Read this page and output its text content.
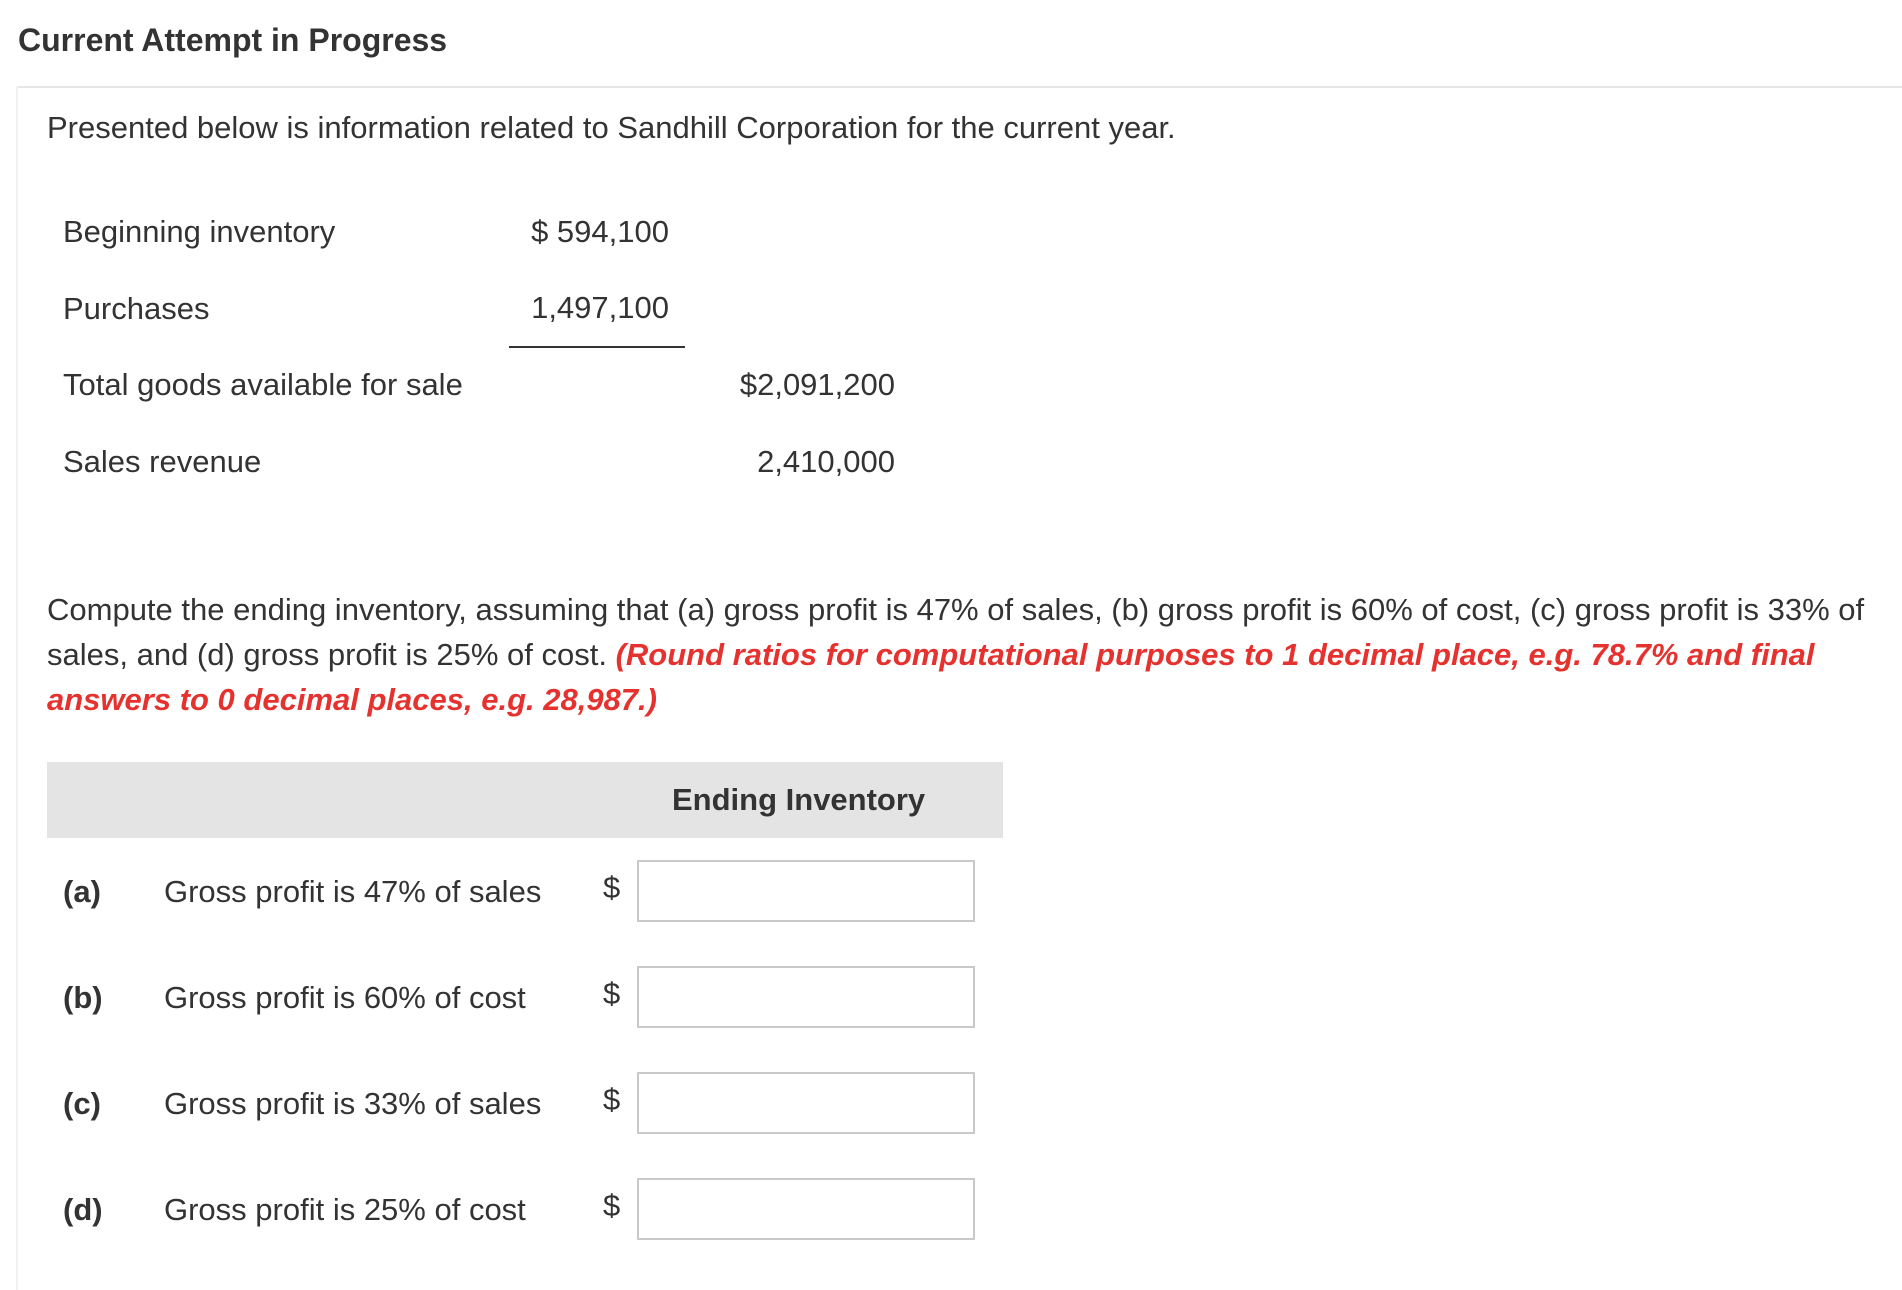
Current Attempt in Progress
Presented below is information related to Sandhill Corporation for the current year.
Beginning inventory	$ 594,100
Purchases	1,497,100
Total goods available for sale	$2,091,200
Sales revenue	2,410,000
Compute the ending inventory, assuming that (a) gross profit is 47% of sales, (b) gross profit is 60% of cost, (c) gross profit is 33% of sales, and (d) gross profit is 25% of cost. (Round ratios for computational purposes to 1 decimal place, e.g. 78.7% and final answers to 0 decimal places, e.g. 28,987.)
Ending Inventory
(a) Gross profit is 47% of sales $
(b) Gross profit is 60% of cost $
(c) Gross profit is 33% of sales $
(d) Gross profit is 25% of cost $
